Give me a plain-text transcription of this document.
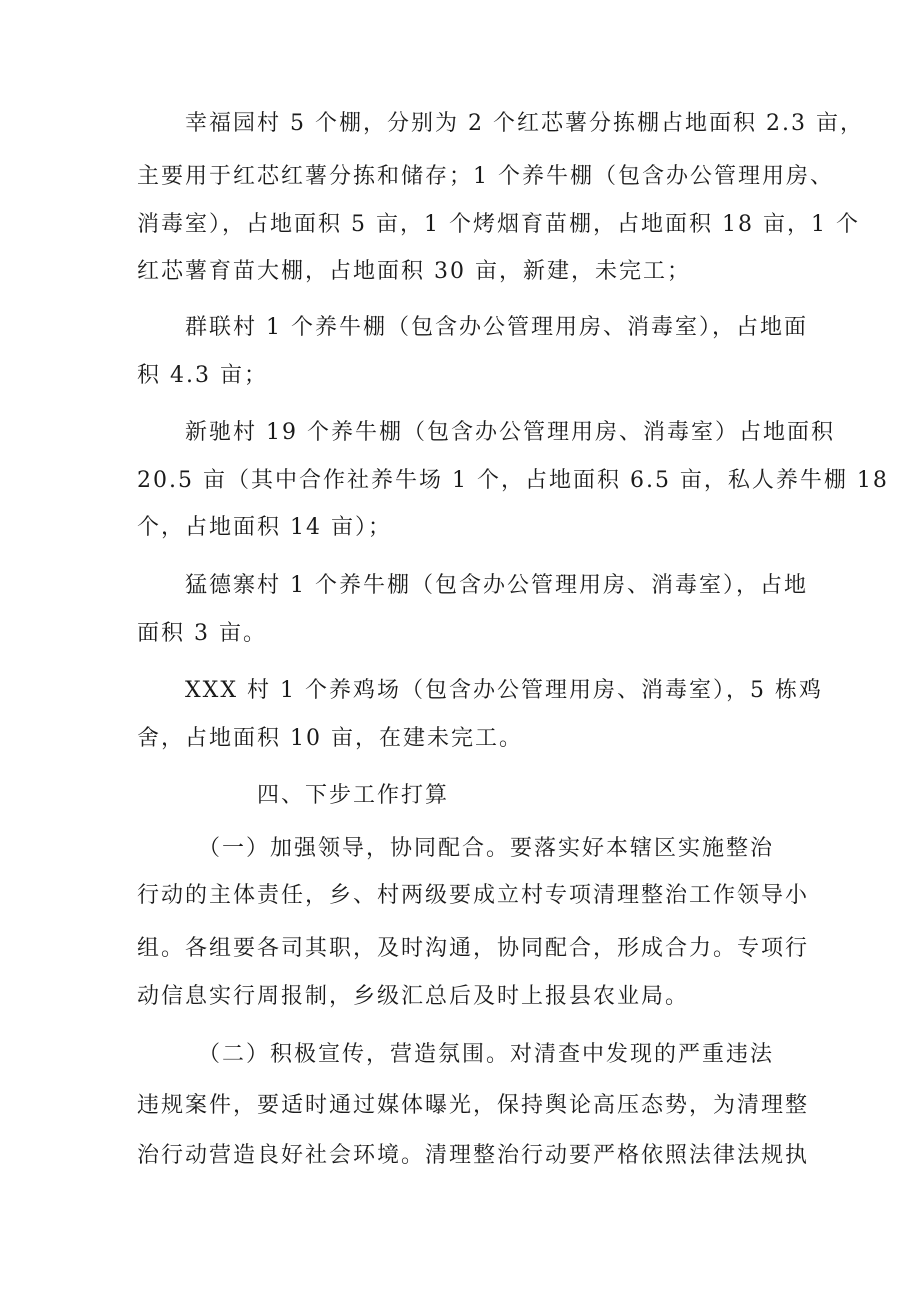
　　幸福园村 5 个棚，分别为 2 个红芯薯分拣棚占地面积 2.3 亩，
主要用于红芯红薯分拣和储存；1 个养牛棚（包含办公管理用房、
消毒室），占地面积 5 亩，1 个烤烟育苗棚，占地面积 18 亩，1 个
红芯薯育苗大棚，占地面积 30 亩，新建，未完工；
　　群联村 1 个养牛棚（包含办公管理用房、消毒室），占地面
积 4.3 亩；
　　新驰村 19 个养牛棚（包含办公管理用房、消毒室）占地面积
20.5 亩（其中合作社养牛场 1 个，占地面积 6.5 亩，私人养牛棚 18
个，占地面积 14 亩）；
　　猛德寨村 1 个养牛棚（包含办公管理用房、消毒室），占地
面积 3 亩。
　　XXX 村 1 个养鸡场（包含办公管理用房、消毒室），5 栋鸡
舍，占地面积 10 亩，在建未完工。
　　　　　四、下步工作打算
　　　（一）加强领导，协同配合。要落实好本辖区实施整治
行动的主体责任，乡、村两级要成立村专项清理整治工作领导小
组。各组要各司其职，及时沟通，协同配合，形成合力。专项行
动信息实行周报制，乡级汇总后及时上报县农业局。
　　　（二）积极宣传，营造氛围。对清查中发现的严重违法
违规案件，要适时通过媒体曝光，保持舆论高压态势，为清理整
治行动营造良好社会环境。清理整治行动要严格依照法律法规执
